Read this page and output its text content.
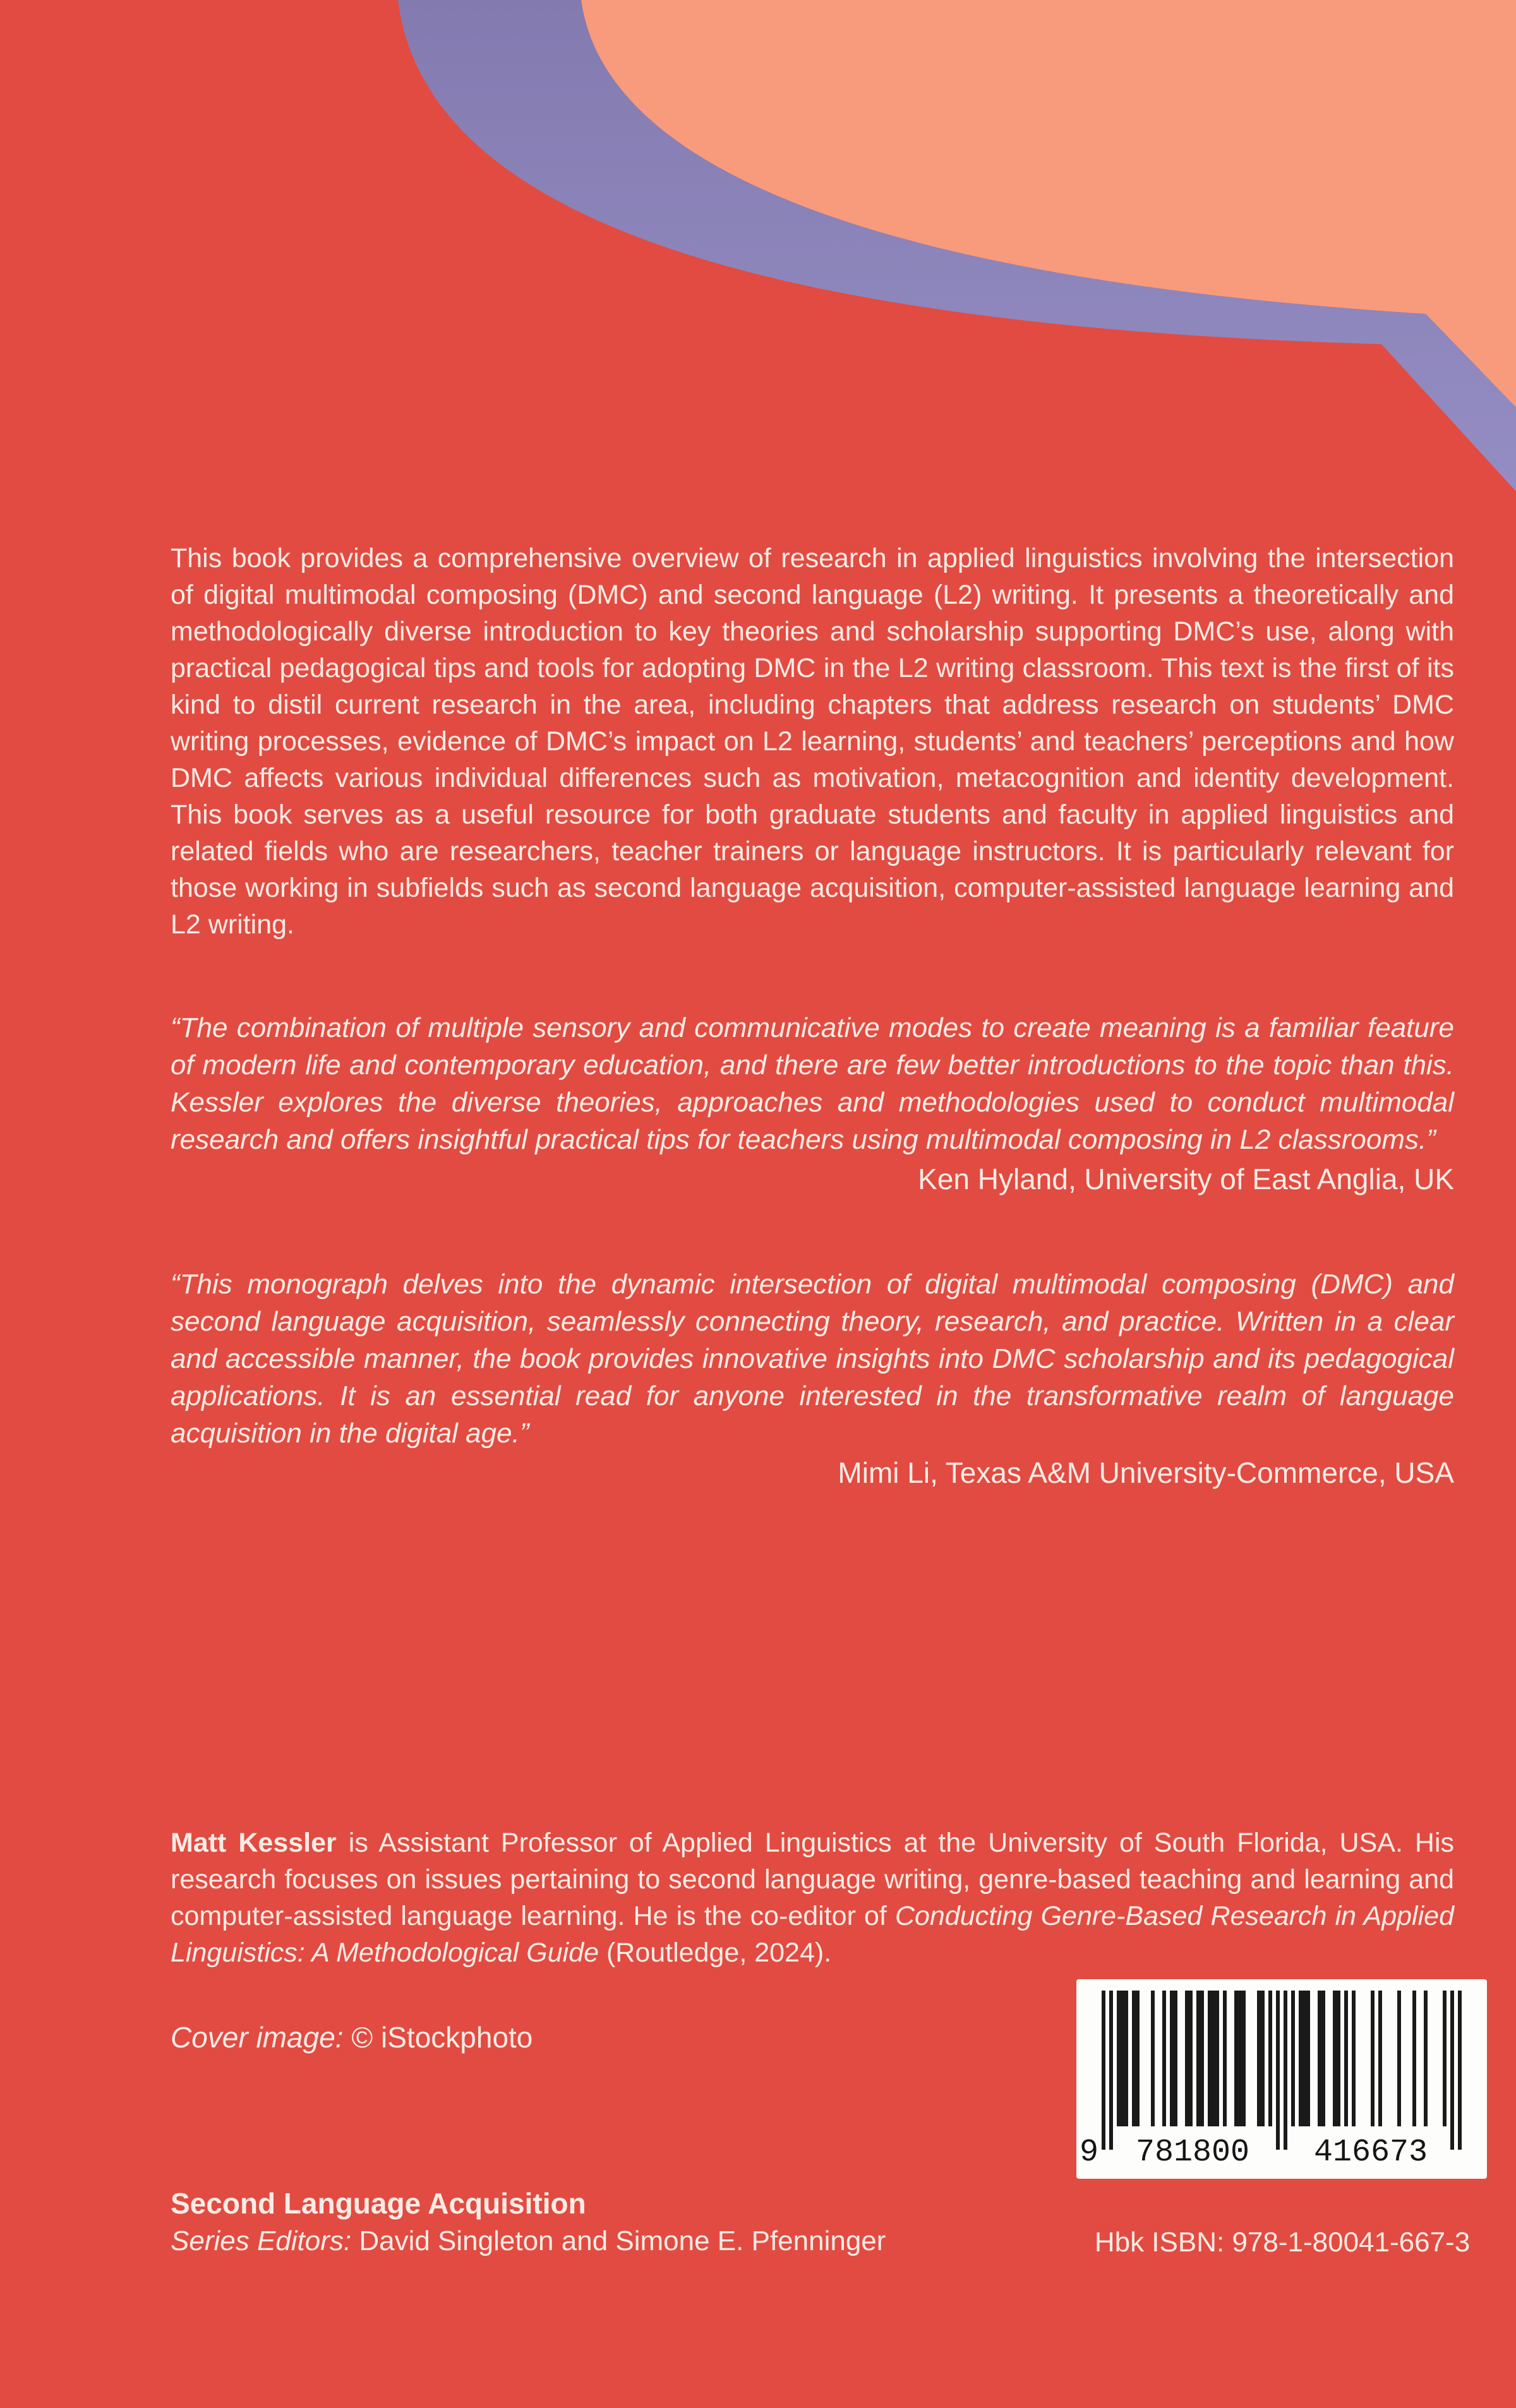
This book provides a comprehensive overview of research in applied linguistics involving the intersection of digital multimodal composing (DMC) and second language (L2) writing. It presents a theoretically and methodologically diverse introduction to key theories and scholarship supporting DMC’s use, along with practical pedagogical tips and tools for adopting DMC in the L2 writing classroom. This text is the first of its kind to distil current research in the area, including chapters that address research on students’ DMC writing processes, evidence of DMC’s impact on L2 learning, students’ and teachers’ perceptions and how DMC affects various individual differences such as motivation, metacognition and identity development. This book serves as a useful resource for both graduate students and faculty in applied linguistics and related fields who are researchers, teacher trainers or language instructors. It is particularly relevant for those working in subfields such as second language acquisition, computer-assisted language learning and L2 writing.

“The combination of multiple sensory and communicative modes to create meaning is a familiar feature of modern life and contemporary education, and there are few better introductions to the topic than this. Kessler explores the diverse theories, approaches and methodologies used to conduct multimodal research and offers insightful practical tips for teachers using multimodal composing in L2 classrooms.”

Ken Hyland, University of East Anglia, UK

“This monograph delves into the dynamic intersection of digital multimodal composing (DMC) and second language acquisition, seamlessly connecting theory, research, and practice. Written in a clear and accessible manner, the book provides innovative insights into DMC scholarship and its pedagogical applications. It is an essential read for anyone interested in the transformative realm of language acquisition in the digital age.”

Mimi Li, Texas A&M University-Commerce, USA

Matt Kessler is Assistant Professor of Applied Linguistics at the University of South Florida, USA. His research focuses on issues pertaining to second language writing, genre-based teaching and learning and computer-assisted language learning. He is the co-editor of Conducting Genre-Based Research in Applied Linguistics: A Methodological Guide (Routledge, 2024).

Cover image: © iStockphoto
Second Language Acquisition
Series Editors: David Singleton and Simone E. Pfenninger
9	781800	416673
Hbk ISBN: 978-1-80041-667-3
